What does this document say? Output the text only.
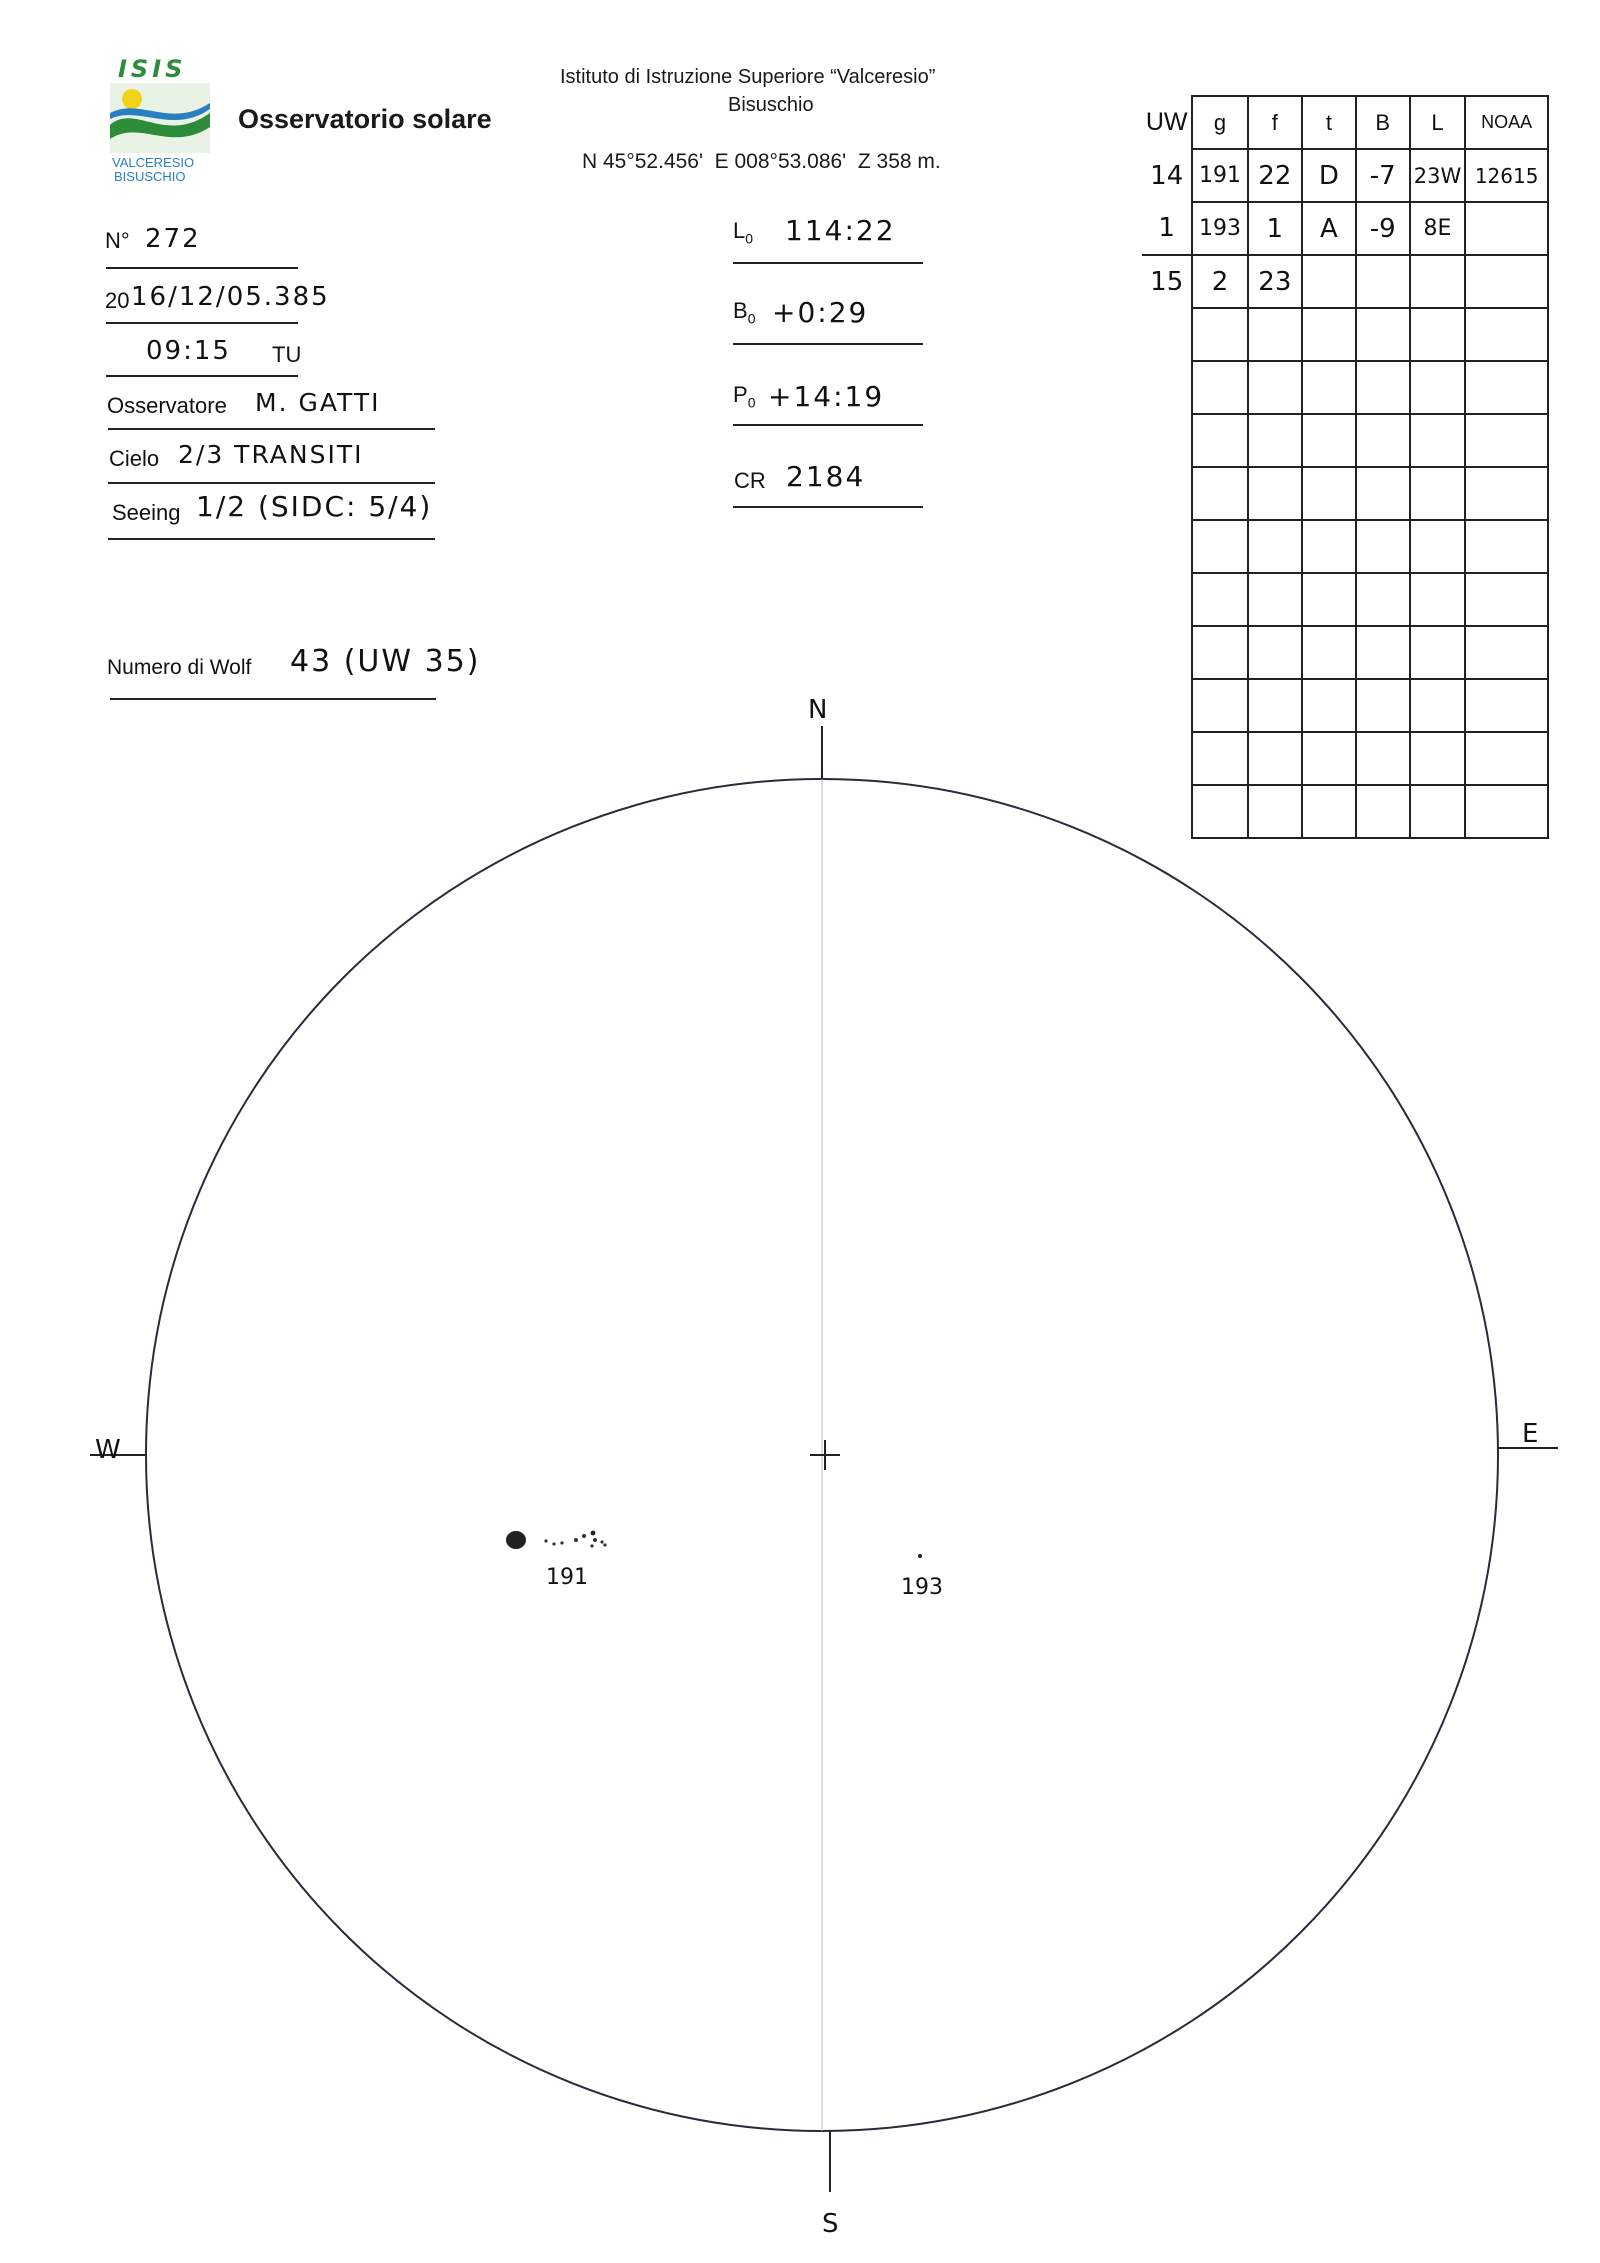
ISIS
VALCERESIO
BISUSCHIO
Osservatorio solare
Istituto di Istruzione Superiore “Valceresio”
Bisuschio
N 45°52.456'  E 008°53.086'  Z 358 m.
N° 272
20 16/12/05.385
09:15 TU
Osservatore M. GATTI
Cielo 2/3 TRANSITI
Seeing 1/2 (SIDC: 5/4)
Numero di Wolf 43 (UW 35)
$L_0$ 114:22
$B_0$ +0:29
$P_0$ +14:19
CR 2184
UW	g	f	t	B	L	NOAA
14	191	22	D	-7	23W	12615
1	193	1	A	-9	8E	
15	2	23				

N
S
W
E
191	193
